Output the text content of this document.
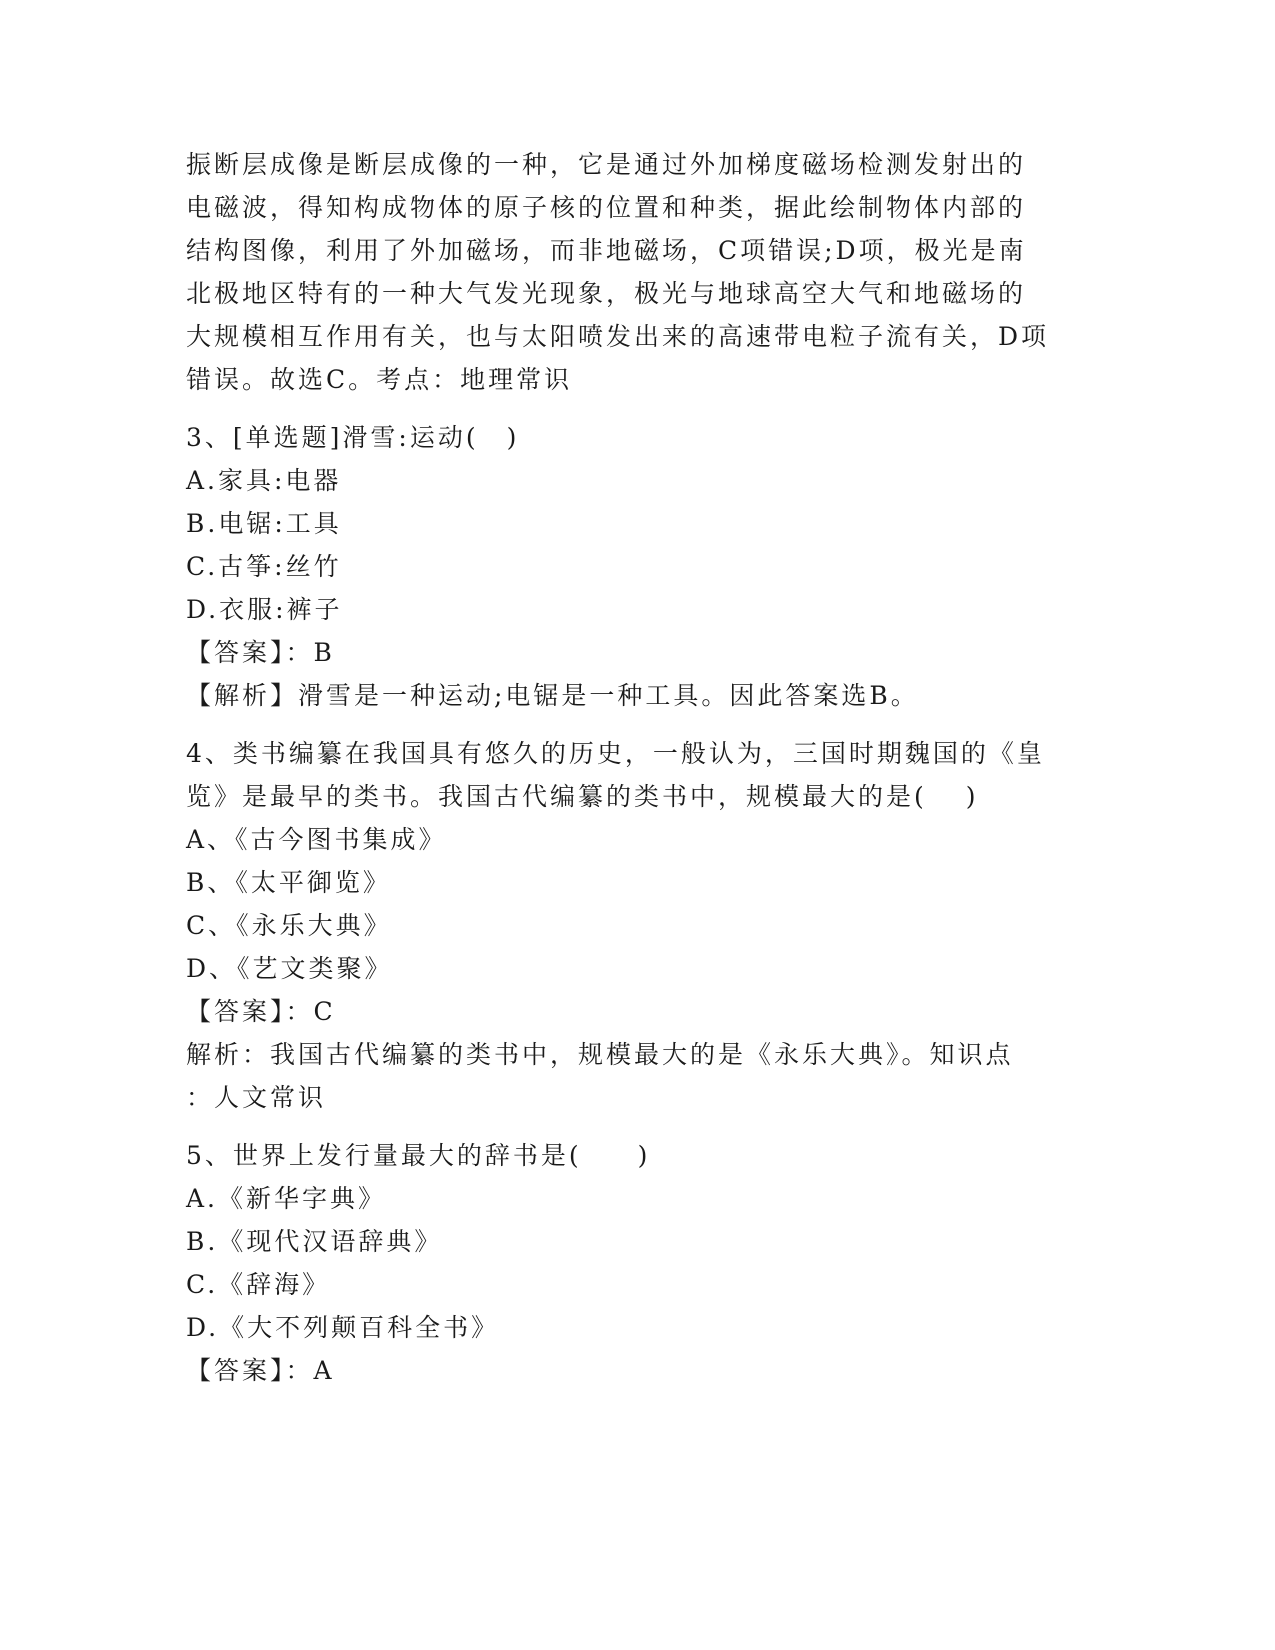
振断层成像是断层成像的一种，它是通过外加梯度磁场检测发射出的
电磁波，得知构成物体的原子核的位置和种类，据此绘制物体内部的
结构图像，利用了外加磁场，而非地磁场，C项错误;D项，极光是南
北极地区特有的一种大气发光现象，极光与地球高空大气和地磁场的
大规模相互作用有关，也与太阳喷发出来的高速带电粒子流有关，D项
错误。故选C。考点：地理常识
3、[单选题]滑雪:运动(　)
A.家具:电器
B.电锯:工具
C.古筝:丝竹
D.衣服:裤子
【答案】：B
【解析】滑雪是一种运动;电锯是一种工具。因此答案选B。
4、类书编纂在我国具有悠久的历史，一般认为，三国时期魏国的《皇
览》是最早的类书。我国古代编纂的类书中，规模最大的是(　 )
A、《古今图书集成》
B、《太平御览》
C、《永乐大典》
D、《艺文类聚》
【答案】：C
解析：我国古代编纂的类书中，规模最大的是《永乐大典》。知识点
：人文常识
5、世界上发行量最大的辞书是(　　)
A.《新华字典》
B.《现代汉语辞典》
C.《辞海》
D.《大不列颠百科全书》
【答案】：A
